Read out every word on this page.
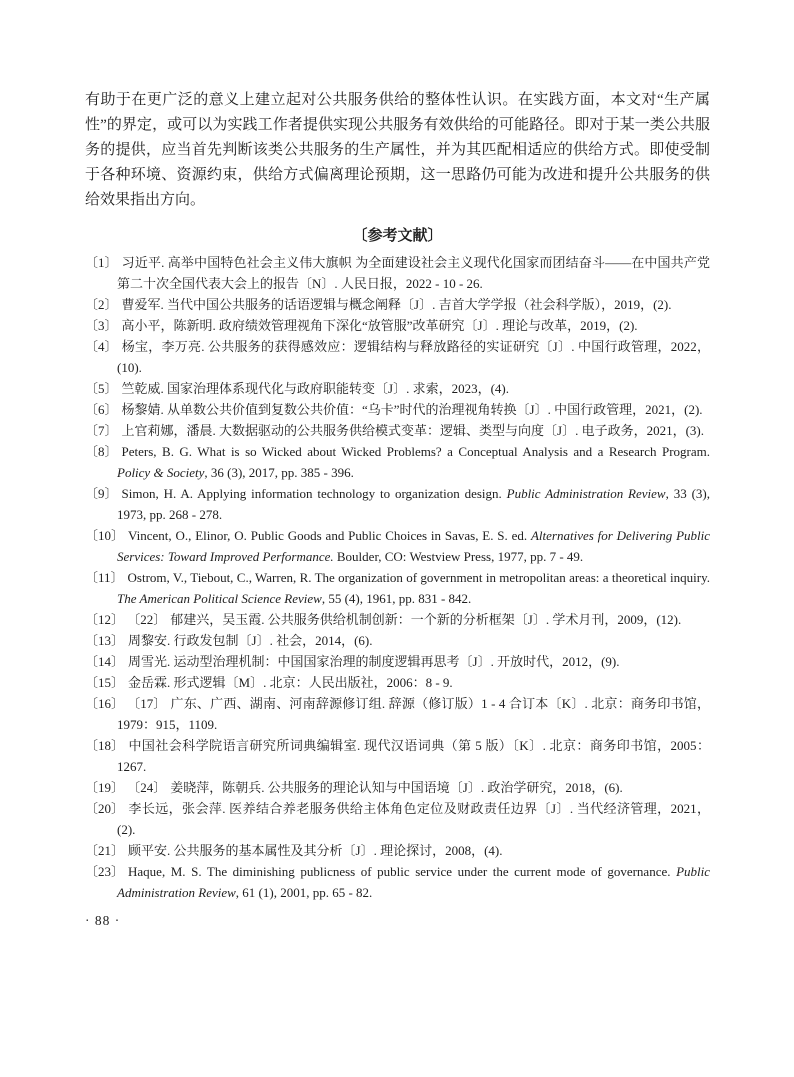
有助于在更广泛的意义上建立起对公共服务供给的整体性认识。在实践方面，本文对“生产属性”的界定，或可以为实践工作者提供实现公共服务有效供给的可能路径。即对于某一类公共服务的提供，应当首先判断该类公共服务的生产属性，并为其匹配相适应的供给方式。即使受制于各种环境、资源约束，供给方式偏离理论预期，这一思路仍可能为改进和提升公共服务的供给效果指出方向。

〔参考文献〕
〔1〕 习近平. 高举中国特色社会主义伟大旗帜 为全面建设社会主义现代化国家而团结奋斗——在中国共产党第二十次全国代表大会上的报告〔N〕. 人民日报，2022 - 10 - 26.
〔2〕 曹爱军. 当代中国公共服务的话语逻辑与概念阐释〔J〕. 吉首大学学报（社会科学版），2019，(2).
〔3〕 高小平，陈新明. 政府绩效管理视角下深化“放管服”改革研究〔J〕. 理论与改革，2019，(2).
〔4〕 杨宝，李万亮. 公共服务的获得感效应：逻辑结构与释放路径的实证研究〔J〕. 中国行政管理，2022，(10).
〔5〕 竺乾威. 国家治理体系现代化与政府职能转变〔J〕. 求索，2023，(4).
〔6〕 杨黎婧. 从单数公共价值到复数公共价值：“乌卡”时代的治理视角转换〔J〕. 中国行政管理，2021，(2).
〔7〕 上官莉娜，潘晨. 大数据驱动的公共服务供给模式变革：逻辑、类型与向度〔J〕. 电子政务，2021，(3).
〔8〕 Peters, B. G. What is so Wicked about Wicked Problems? a Conceptual Analysis and a Research Program. Policy & Society, 36 (3), 2017, pp. 385 - 396.
〔9〕 Simon, H. A. Applying information technology to organization design. Public Administration Review, 33 (3), 1973, pp. 268 - 278.
〔10〕 Vincent, O., Elinor, O. Public Goods and Public Choices in Savas, E. S. ed. Alternatives for Delivering Public Services: Toward Improved Performance. Boulder, CO: Westview Press, 1977, pp. 7 - 49.
〔11〕 Ostrom, V., Tiebout, C., Warren, R. The organization of government in metropolitan areas: a theoretical inquiry. The American Political Science Review, 55 (4), 1961, pp. 831 - 842.
〔12〕 〔22〕 郁建兴，吴玉霞. 公共服务供给机制创新：一个新的分析框架〔J〕. 学术月刊，2009，(12).
〔13〕 周黎安. 行政发包制〔J〕. 社会，2014，(6).
〔14〕 周雪光. 运动型治理机制：中国国家治理的制度逻辑再思考〔J〕. 开放时代，2012，(9).
〔15〕 金岳霖. 形式逻辑〔M〕. 北京：人民出版社，2006：8 - 9.
〔16〕 〔17〕 广东、广西、湖南、河南辞源修订组. 辞源（修订版）1 - 4 合订本〔K〕. 北京：商务印书馆，1979：915，1109.
〔18〕 中国社会科学院语言研究所词典编辑室. 现代汉语词典（第 5 版）〔K〕. 北京：商务印书馆，2005：1267.
〔19〕 〔24〕 姜晓萍，陈朝兵. 公共服务的理论认知与中国语境〔J〕. 政治学研究，2018，(6).
〔20〕 李长远，张会萍. 医养结合养老服务供给主体角色定位及财政责任边界〔J〕. 当代经济管理，2021，(2).
〔21〕 顾平安. 公共服务的基本属性及其分析〔J〕. 理论探讨，2008，(4).
〔23〕 Haque, M. S. The diminishing publicness of public service under the current mode of governance. Public Administration Review, 61 (1), 2001, pp. 65 - 82.
· 88 ·
